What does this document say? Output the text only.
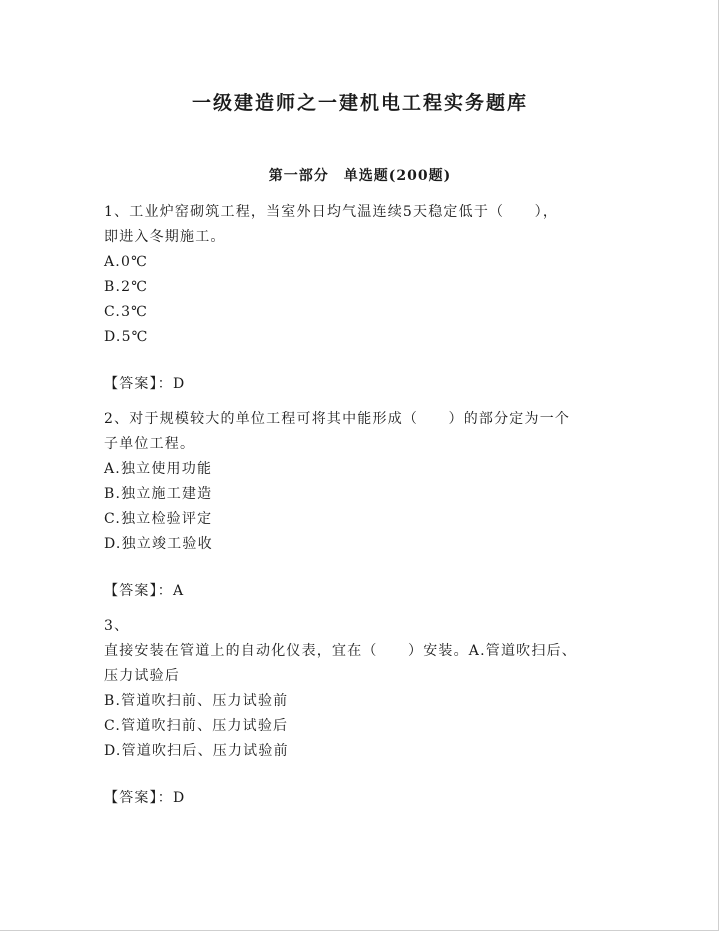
一级建造师之一建机电工程实务题库
第一部分　单选题(200题)

1、工业炉窑砌筑工程，当室外日均气温连续5天稳定低于（　　），

即进入冬期施工。

A.0℃

B.2℃

C.3℃

D.5℃

【答案】：D

2、对于规模较大的单位工程可将其中能形成（　　）的部分定为一个

子单位工程。

A.独立使用功能

B.独立施工建造

C.独立检验评定

D.独立竣工验收

【答案】：A

3、

直接安装在管道上的自动化仪表，宜在（　　）安装。A.管道吹扫后、

压力试验后

B.管道吹扫前、压力试验前

C.管道吹扫前、压力试验后

D.管道吹扫后、压力试验前

【答案】：D
